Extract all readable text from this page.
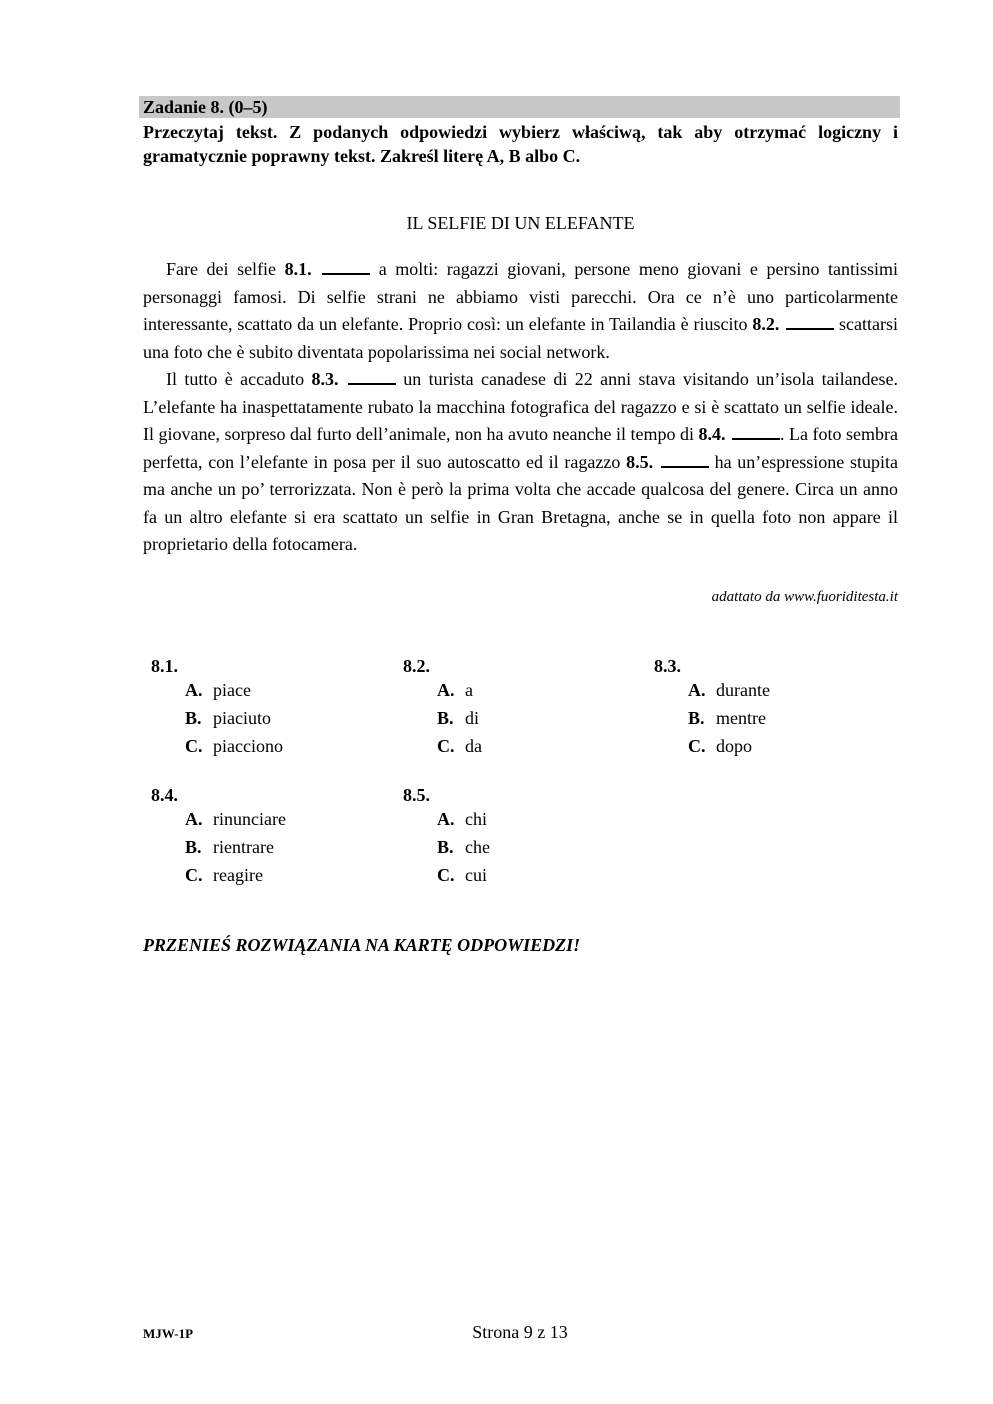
Zadanie 8. (0–5)

Przeczytaj tekst. Z podanych odpowiedzi wybierz właściwą, tak aby otrzymać logiczny i gramatycznie poprawny tekst. Zakreśl literę A, B albo C.

IL SELFIE DI UN ELEFANTE

Fare dei selfie 8.1.	a molti: ragazzi giovani, persone meno giovani e persino tantissimi personaggi famosi. Di selfie strani ne abbiamo visti parecchi. Ora ce n’è uno particolarmente interessante, scattato da un elefante. Proprio così: un elefante in Tailandia è riuscito 8.2.	scattarsi una foto che è subito diventata popolarissima nei social network.

Il tutto è accaduto 8.3.	un turista canadese di 22 anni stava visitando un’isola tailandese. L’elefante ha inaspettatamente rubato la macchina fotografica del ragazzo e si è scattato un selfie ideale. Il giovane, sorpreso dal furto dell’animale, non ha avuto neanche il tempo di 8.4.	. La foto sembra perfetta, con l’elefante in posa per il suo autoscatto ed il ragazzo 8.5.	ha un’espressione stupita ma anche un po’ terrorizzata. Non è però la prima volta che accade qualcosa del genere. Circa un anno fa un altro elefante si era scattato un selfie in Gran Bretagna, anche se in quella foto non appare il proprietario della fotocamera.

adattato da www.fuoriditesta.it
8.1.
A. piace
B. piaciuto
C. piacciono
8.2.
A. a
B. di
C. da
8.3.
A. durante
B. mentre
C. dopo
8.4.
A. rinunciare
B. rientrare
C. reagire
8.5.
A. chi
B. che
C. cui
PRZENIEŚ ROZWIĄZANIA NA KARTĘ ODPOWIEDZI!
MJW-1P	Strona 9 z 13
